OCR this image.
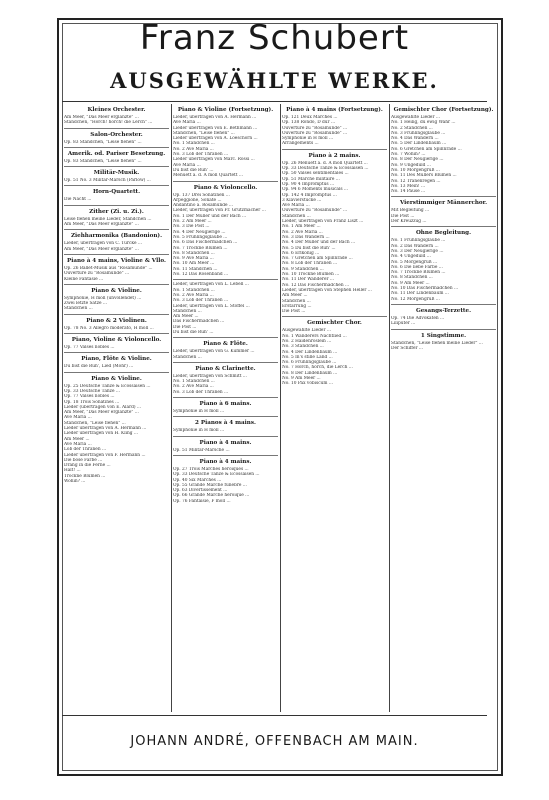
Franz Schubert
AUSGEWÄHLTE WERKE.
Kleines Orchester.
Am Meer, "Das Meer erglänzte" ...
Ständchen, "Horch! horch! die Lerch" ...
Salon-Orchester.
Op. 83 Ständchen, "Leise flehen" ...
Amerik. od. Pariser Besetzung.
Op. 83 Ständchen, "Leise flehen" ...
Militär-Musik.
Op. 51 No. 3 Militär-Marsch (Parlow) ...
Horn-Quartett.
Die Nacht ...
Zither (Zi. u. Zi.).
Leise flehen meine Lieder, Ständchen ...
Am Meer, "Das Meer erglänzte" ...
Ziehharmonika (Bandonion).
Lieder, übertragen von C. Türcke ...
Am Meer, "Das Meer erglänzte" ...
Piano à 4 mains, Violine & Vllo.
Op. 26 Ballet-Musik aus "Rosamunde" ...
Ouverture zu "Rosamunde" ...
Kleine Fantasie ...
Piano & Violine.
Symphonie, H moll (unvollendet) ...
Zwei letzte Sätze ...
Ständchen ...
Piano & 2 Violinen.
Op. 78 No. 3 Allegro moderato, H moll ...
Piano, Violine & Violoncello.
Op. 77 Valses nobles ...
Piano, Flöte & Violine.
Du bist die Ruh', Lied (Mohr) ...
Piano & Violine.
Op. 25 Deutsche Tänze & Ecossaisen ...
Op. 33 Deutsche Tänze ...
Op. 77 Valses nobles ...
Op. 18 Trois Sonatines ...
Lieder (übertragen von E. Alard) ...
Am Meer, "Das Meer erglänzte" ...
Ave Maria ...
Ständchen, "Leise flehen" ...
Lieder übertragen von A. Hermann ...
Lieder übertragen von H. Kling ...
Am Meer ...
Ave Maria ...
Lob der Thränen ...
Lieder übertragen von F. Hermann ...
Die böse Farbe ...
Drang in die Ferne ...
Halt! ...
Trockne Blumen ...
Wohin? ...
Piano & Violine (Fortsetzung).
Lieder, übertragen von A. Hermann ...
Ave Maria ...
Lieder übertragen von E. Bethmann ...
Ständchen, "Leise flehen" ...
Lieder übertragen von A. Loeschorn ...
No. 1 Ständchen ...
No. 2 Ave Maria ...
No. 3 Lob der Thränen ...
Lieder übertragen von Marc. Rossi ...
Ave Maria ...
Du bist die Ruh' ...
Menuett a. d. A moll Quartett ...
Piano & Violoncello.
Op. 137 Drei Sonatinen ...
Arpeggione, Sonate ...
Andantino a. Rosamunde ...
Lieder, übertragen von Fr. Grützmacher ...
No. 1 Der Müller und der Bach ...
No. 2 Am Meer ...
No. 3 Die Post ...
No. 4 Der Neugierige ...
No. 5 Frühlingsglaube ...
No. 6 Das Fischermädchen ...
No. 7 Trockne Blumen ...
No. 8 Ständchen ...
No. 9 Ave Maria ...
No. 10 Am Meer ...
No. 11 Ständchen ...
No. 12 Das Rosenband ...
Lieder, übertragen von L. Lebell ...
No. 1 Ständchen ...
No. 2 Ave Maria ...
No. 3 Lob der Thränen ...
Lieder, übertragen von L. Stoffel ...
Ständchen ...
Am Meer ...
Das Fischermädchen ...
Die Post ...
Du bist die Ruh' ...
Piano & Flöte.
Lieder, übertragen von G. Kummer ...
Ständchen ...
Piano & Clarinette.
Lieder, übertragen von Schmitt ...
No. 1 Ständchen ...
No. 2 Ave Maria ...
No. 3 Lob der Thränen ...
Piano à 6 mains.
Symphonie in H moll ...
2 Pianos à 4 mains.
Symphonie in H moll ...
Piano à 4 mains.
Op. 51 Militär-Märsche ...
Piano à 4 mains.
Op. 27 Trois Marches héroïques ...
Op. 33 Deutsche Tänze & Ecossaisen ...
Op. 40 Six Marches ...
Op. 55 Grande Marche funèbre ...
Op. 63 Divertissement ...
Op. 66 Grande Marche héroïque ...
Op. 76 Fantaisie, F moll ...
Piano à 4 mains (Fortsetzung).
Op. 121 Deux Marches ...
Op. 138 Rondo, D dur ...
Ouverture zu "Rosamunde" ...
Ouverture zu "Rosamunde" ...
Symphonie in H moll ...
Arrangements ...
Piano à 2 mains.
Op. 26 Menuett a. d. A moll Quartett ...
Op. 33 Deutsche Tänze & Ecossaisen ...
Op. 50 Valses sentimentales ...
Op. 51 Marche militaire ...
Op. 90 4 Impromptus ...
Op. 94 6 Moments musicals ...
Op. 142 4 Impromptus ...
3 Klavierstücke ...
Ave Maria ...
Ouverture zu "Rosamunde" ...
Ständchen ...
Lieder, übertragen von Franz Liszt ...
No. 1 Am Meer ...
No. 2 Ave Maria ...
No. 3 Das Wandern ...
No. 4 Der Müller und der Bach ...
No. 5 Du bist die Ruh' ...
No. 6 Erlkönig ...
No. 7 Gretchen am Spinnrade ...
No. 8 Lob der Thränen ...
No. 9 Ständchen ...
No. 10 Trockne Blumen ...
No. 11 Der Wanderer ...
No. 12 Das Fischermädchen ...
Lieder, übertragen von Stephen Heller ...
Am Meer ...
Ständchen ...
Erstarrung ...
Die Post ...
Gemischter Chor.
Ausgewählte Lieder ...
No. 1 Wanderers Nachtlied ...
No. 2 Haidenröslein ...
No. 3 Ständchen ...
No. 4 Der Lindenbaum ...
No. 5 In's stille Land ...
No. 6 Frühlingsglaube ...
No. 7 Horch, horch, die Lerch ...
No. 8 Der Lindenbaum ...
No. 9 Am Meer ...
No. 10 Pax vobiscum ...
Gemischter Chor (Fortsetzung).
Ausgewählte Lieder ...
No. 1 Heilig, du ewig Wahr ...
No. 2 Ständchen ...
No. 3 Frühlingsglaube ...
No. 4 Das Wandern ...
No. 5 Der Lindenbaum ...
No. 6 Gretchen am Spinnrade ...
No. 7 Wohin? ...
No. 8 Der Neugierige ...
No. 9 Ungeduld ...
No. 10 Morgengruß ...
No. 11 Des Müllers Blumen ...
No. 12 Tränenregen ...
No. 13 Mein! ...
No. 14 Pause ...
Vierstimmiger Männerchor.
Mit Begleitung ...
Die Post ...
Der Kreuzzug ...
Ohne Begleitung.
No. 1 Frühlingsglaube ...
No. 2 Das Wandern ...
No. 3 Der Neugierige ...
No. 4 Ungeduld ...
No. 5 Morgengruß ...
No. 6 Die liebe Farbe ...
No. 7 Trockne Blumen ...
No. 8 Ständchen ...
No. 9 Am Meer ...
No. 10 Das Fischermädchen ...
No. 11 Der Lindenbaum ...
No. 12 Morgengruß ...
Gesangs-Terzette.
Op. 74 Die Advokaten ...
Liliputer ...
1 Singstimme.
Ständchen, "Leise flehen meine Lieder" ...
Der Schiffer ...
JOHANN ANDRÉ, OFFENBACH AM MAIN.
